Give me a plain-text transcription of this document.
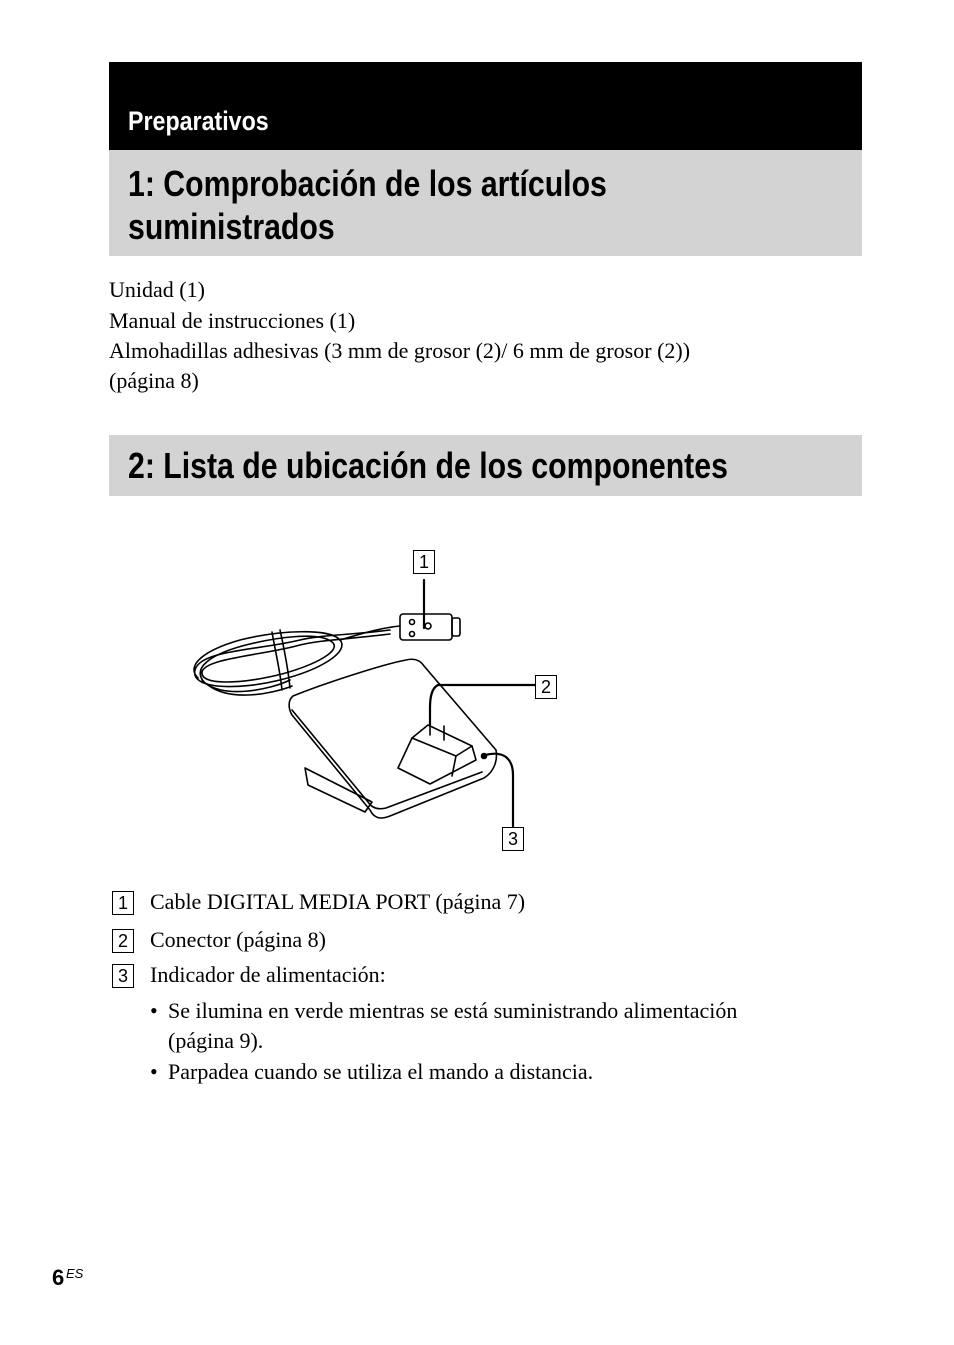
Preparativos
1: Comprobación de los artículos
suministrados
Unidad (1)
Manual de instrucciones (1)
Almohadillas adhesivas (3 mm de grosor (2)/ 6 mm de grosor (2))
(página 8)
2: Lista de ubicación de los componentes
1
2
3
1 Cable DIGITAL MEDIA PORT (página 7)
2 Conector (página 8)
3 Indicador de alimentación:
• Se ilumina en verde mientras se está suministrando alimentación
(página 9).
• Parpadea cuando se utiliza el mando a distancia.
6 ES
